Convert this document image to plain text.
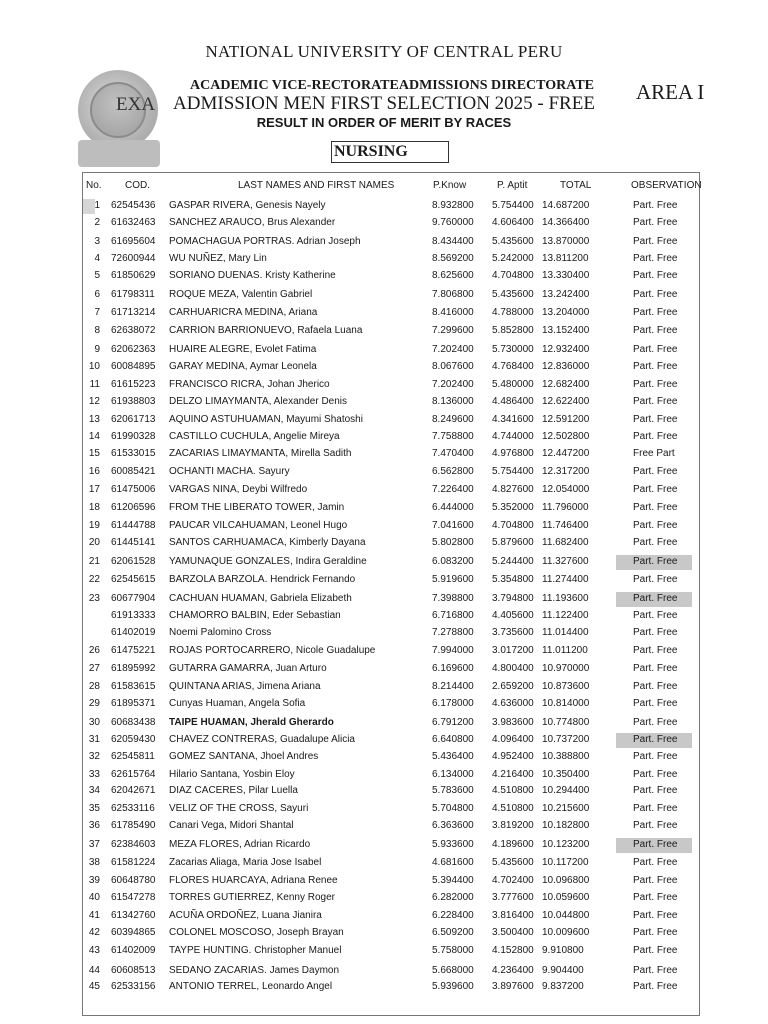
EXA
NATIONAL UNIVERSITY OF CENTRAL PERU
ACADEMIC VICE-RECTORATEADMISSIONS DIRECTORATE AREA I
ADMISSION MEN FIRST SELECTION 2025 - FREE
RESULT IN ORDER OF MERIT BY RACES
NURSING
No. COD.	LAST NAMES AND FIRST NAMES	P.Know	P. Aptit	TOTAL	OBSERVATION
1 62545436 GASPAR RIVERA, Genesis Nayely	8.932800 5.754400 14.687200	Part. Free
2 61632463 SANCHEZ ARAUCO, Brus Alexander	9.760000 4.606400 14.366400	Part. Free
3 61695604 POMACHAGUA PORTRAS. Adrian Joseph	8.434400 5.435600 13.870000	Part. Free
4 72600944 WU NUÑEZ, Mary Lin	8.569200 5.242000 13.811200	Part. Free
5 61850629 SORIANO DUENAS. Kristy Katherine	8.625600 4.704800 13.330400	Part. Free
6 61798311 ROQUE MEZA, Valentin Gabriel	7.806800 5.435600 13.242400	Part. Free
7 61713214 CARHUARICRA MEDINA, Ariana	8.416000 4.788000 13.204000	Part. Free
8 62638072 CARRION BARRIONUEVO, Rafaela Luana	7.299600 5.852800 13.152400	Part. Free
9 62062363 HUAIRE ALEGRE, Evolet Fatima	7.202400 5.730000 12.932400	Part. Free
10 60084895 GARAY MEDINA, Aymar Leonela	8.067600 4.768400 12.836000	Part. Free
11 61615223 FRANCISCO RICRA, Johan Jherico	7.202400 5.480000 12.682400	Part. Free
12 61938803 DELZO LIMAYMANTA, Alexander Denis	8.136000 4.486400 12.622400	Part. Free
13 62061713 AQUINO ASTUHUAMAN, Mayumi Shatoshi	8.249600 4.341600 12.591200	Part. Free
14 61990328 CASTILLO CUCHULA, Angelie Mireya	7.758800 4.744000 12.502800	Part. Free
15 61533015 ZACARIAS LIMAYMANTA, Mirella Sadith	7.470400 4.976800 12.447200	Free Part
16 60085421 OCHANTI MACHA. Sayury	6.562800 5.754400 12.317200	Part. Free
17 61475006 VARGAS NINA, Deybi Wilfredo	7.226400 4.827600 12.054000	Part. Free
18 61206596 FROM THE LIBERATO TOWER, Jamin	6.444000 5.352000 11.796000	Part. Free
19 61444788 PAUCAR VILCAHUAMAN, Leonel Hugo	7.041600 4.704800 11.746400	Part. Free
20 61445141 SANTOS CARHUAMACA, Kimberly Dayana	5.802800 5.879600 11.682400	Part. Free
21 62061528 YAMUNAQUE GONZALES, Indira Geraldine	6.083200 5.244400 11.327600	Part. Free
22 62545615 BARZOLA BARZOLA. Hendrick Fernando	5.919600 5.354800 11.274400	Part. Free
23 60677904 CACHUAN HUAMAN, Gabriela Elizabeth	7.398800 3.794800 11.193600	Part. Free
61913333 CHAMORRO BALBIN, Eder Sebastian	6.716800 4.405600 11.122400	Part. Free
61402019 Noemi Palomino Cross	7.278800 3.735600 11.014400	Part. Free
26 61475221 ROJAS PORTOCARRERO, Nicole Guadalupe	7.994000 3.017200 11.011200	Part. Free
27 61895992 GUTARRA GAMARRA, Juan Arturo	6.169600 4.800400 10.970000	Part. Free
28 61583615 QUINTANA ARIAS, Jimena Ariana	8.214400 2.659200 10.873600	Part. Free
29 61895371 Cunyas Huaman, Angela Sofia	6.178000 4.636000 10.814000	Part. Free
30 60683438 TAIPE HUAMAN, Jherald Gherardo	6.791200 3.983600 10.774800	Part. Free
31 62059430 CHAVEZ CONTRERAS, Guadalupe Alicia	6.640800 4.096400 10.737200	Part. Free
32 62545811 GOMEZ SANTANA, Jhoel Andres	5.436400 4.952400 10.388800	Part. Free
33 62615764 Hilario Santana, Yosbin Eloy	6.134000 4.216400 10.350400	Part. Free
34 62042671 DIAZ CACERES, Pilar Luella	5.783600 4.510800 10.294400	Part. Free
35 62533116 VELIZ OF THE CROSS, Sayuri	5.704800 4.510800 10.215600	Part. Free
36 61785490 Canari Vega, Midori Shantal	6.363600 3.819200 10.182800	Part. Free
37 62384603 MEZA FLORES, Adrian Ricardo	5.933600 4.189600 10.123200	Part. Free
38 61581224 Zacarias Aliaga, Maria Jose Isabel	4.681600 5.435600 10.117200	Part. Free
39 60648780 FLORES HUARCAYA, Adriana Renee	5.394400 4.702400 10.096800	Part. Free
40 61547278 TORRES GUTIERREZ, Kenny Roger	6.282000 3.777600 10.059600	Part. Free
41 61342760 ACUÑA ORDOÑEZ, Luana Jianira	6.228400 3.816400 10.044800	Part. Free
42 60394865 COLONEL MOSCOSO, Joseph Brayan	6.509200 3.500400 10.009600	Part. Free
43 61402009 TAYPE HUNTING. Christopher Manuel	5.758000 4.152800 9.910800	Part. Free
44 60608513 SEDANO ZACARIAS. James Daymon	5.668000 4.236400 9.904400	Part. Free
45 62533156 ANTONIO TERREL, Leonardo Angel	5.939600 3.897600 9.837200	Part. Free
